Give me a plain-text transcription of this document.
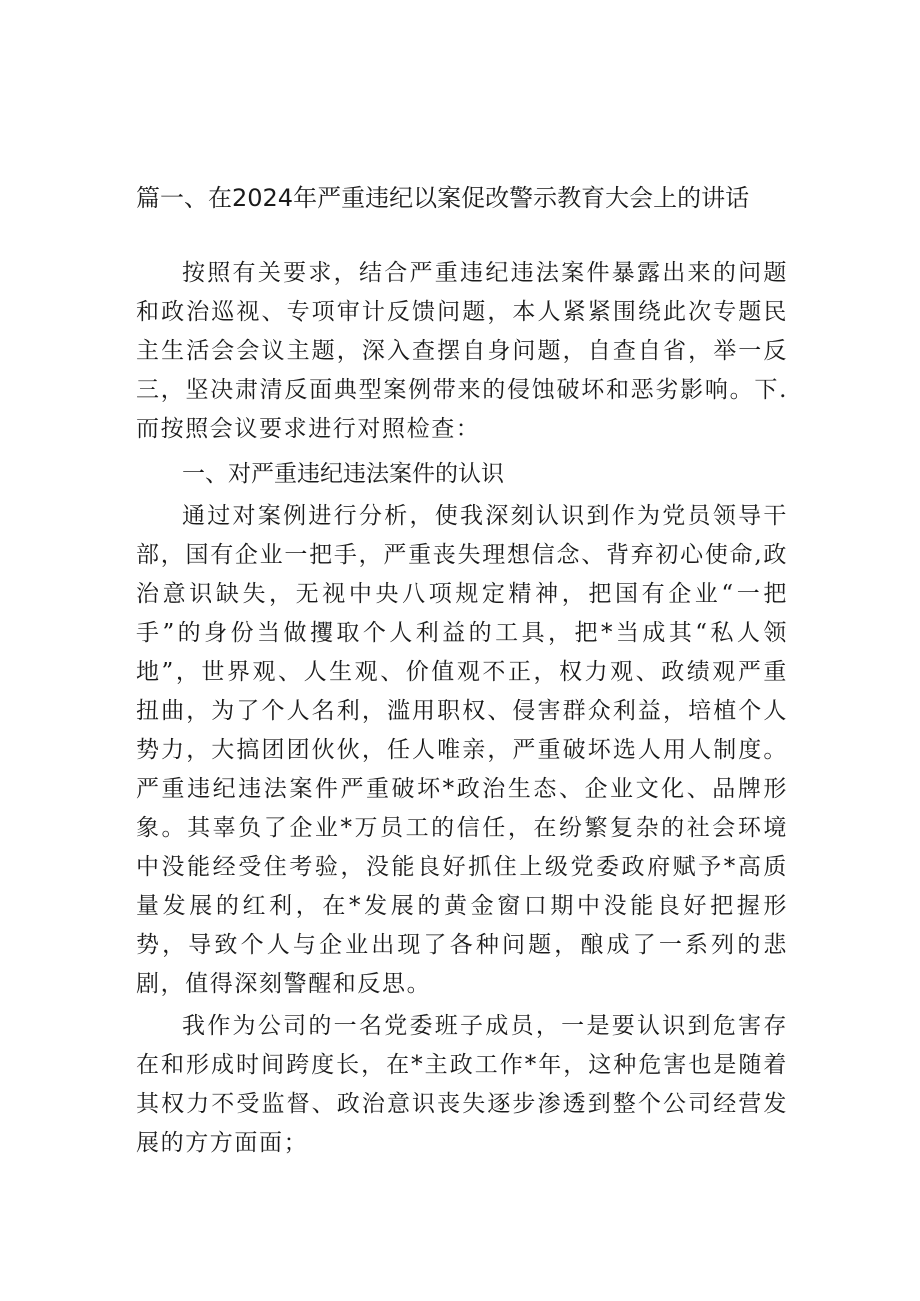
篇一、在2024年严重违纪以案促改警示教育大会上的讲话

按照有关要求，结合严重违纪违法案件暴露出来的问题和政治巡视、专项审计反馈问题，本人紧紧围绕此次专题民主生活会会议主题，深入查摆自身问题，自查自省，举一反三，坚决肃清反面典型案例带来的侵蚀破坏和恶劣影响。下.而按照会议要求进行对照检查：

一、对严重违纪违法案件的认识

通过对案例进行分析，使我深刻认识到作为党员领导干部，国有企业一把手，严重丧失理想信念、背弃初心使命,政治意识缺失，无视中央八项规定精神，把国有企业“一把手”的身份当做攫取个人利益的工具，把*当成其“私人领地”，世界观、人生观、价值观不正，权力观、政绩观严重扭曲，为了个人名利，滥用职权、侵害群众利益，培植个人势力，大搞团团伙伙，任人唯亲，严重破坏选人用人制度。严重违纪违法案件严重破坏*政治生态、企业文化、品牌形象。其辜负了企业*万员工的信任，在纷繁复杂的社会环境中没能经受住考验，没能良好抓住上级党委政府赋予*高质量发展的红利，在*发展的黄金窗口期中没能良好把握形势，导致个人与企业出现了各种问题，酿成了一系列的悲剧，值得深刻警醒和反思。

我作为公司的一名党委班子成员，一是要认识到危害存在和形成时间跨度长，在*主政工作*年，这种危害也是随着其权力不受监督、政治意识丧失逐步渗透到整个公司经营发展的方方面面；
